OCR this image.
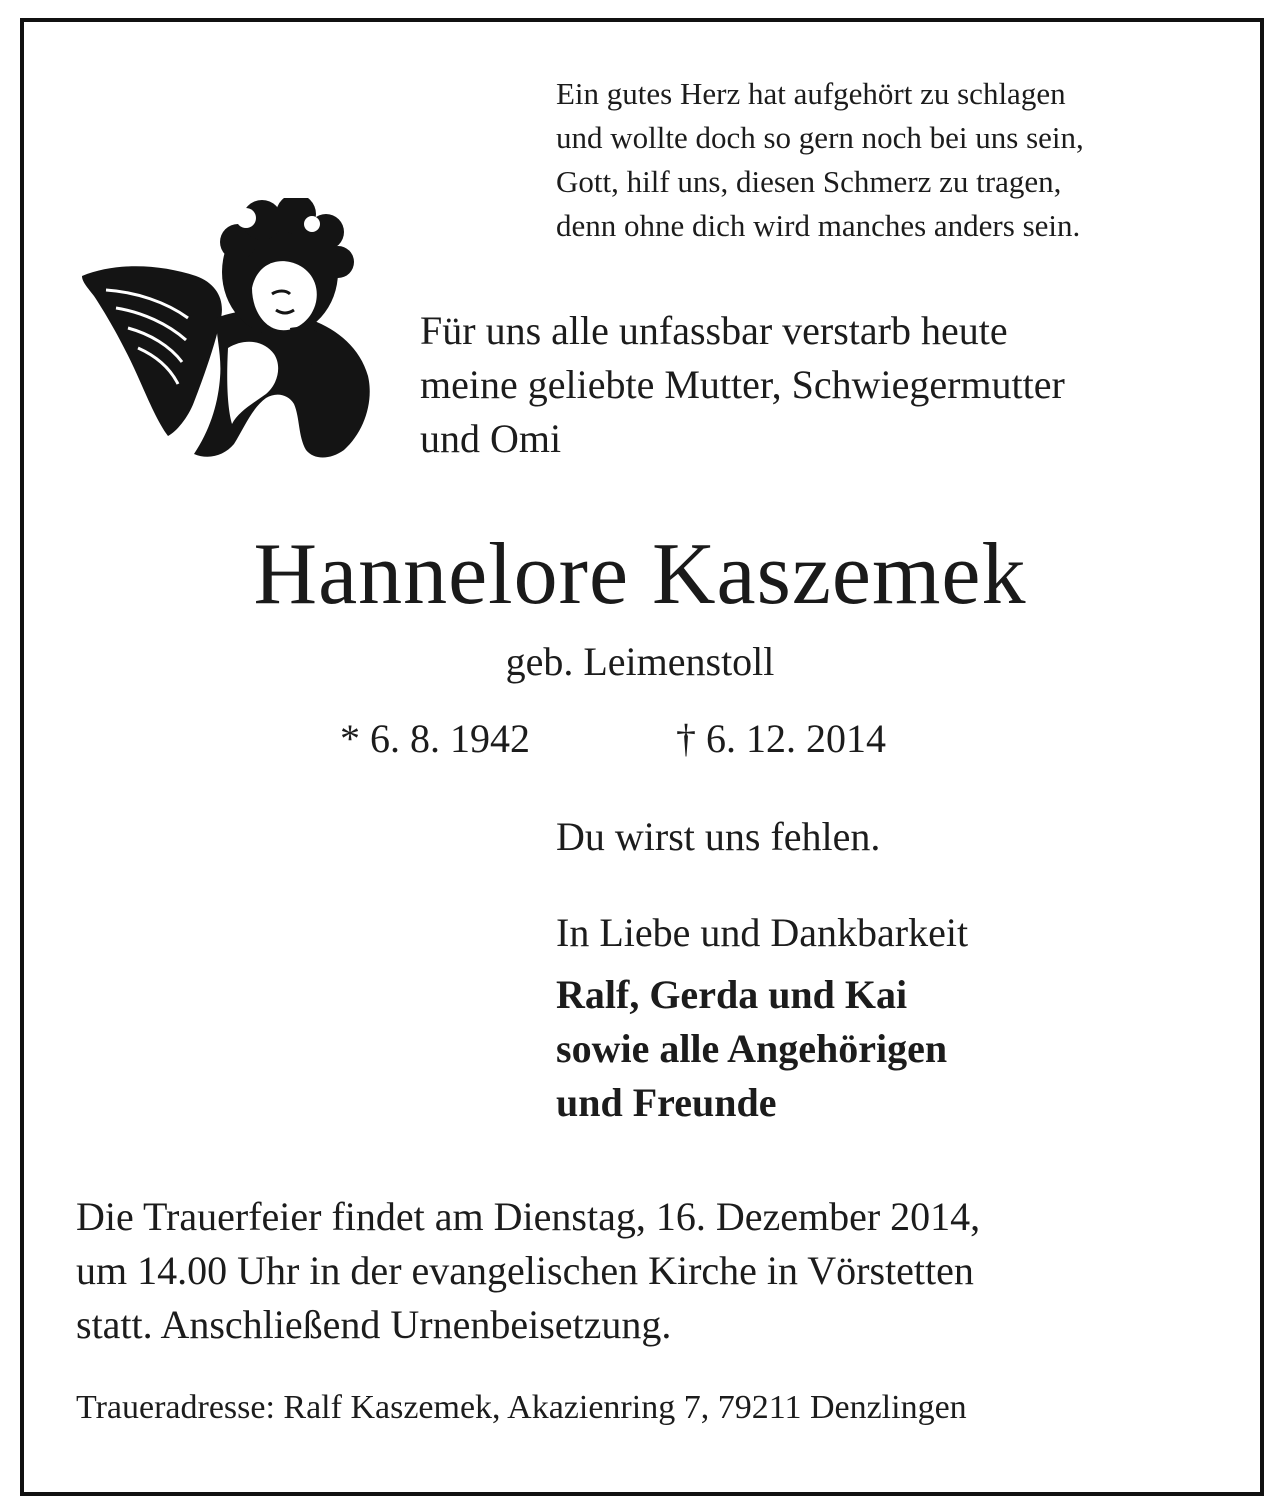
Ein gutes Herz hat aufgehört zu schlagen
und wollte doch so gern noch bei uns sein,
Gott, hilf uns, diesen Schmerz zu tragen,
denn ohne dich wird manches anders sein.
Für uns alle unfassbar verstarb heute
meine geliebte Mutter, Schwiegermutter
und Omi
Hannelore Kaszemek
geb. Leimenstoll
* 6. 8. 1942	† 6. 12. 2014
Du wirst uns fehlen.
In Liebe und Dankbarkeit
Ralf, Gerda und Kai
sowie alle Angehörigen
und Freunde
Die Trauerfeier findet am Dienstag, 16. Dezember 2014,
um 14.00 Uhr in der evangelischen Kirche in Vörstetten
statt. Anschließend Urnenbeisetzung.
Traueradresse: Ralf Kaszemek, Akazienring 7, 79211 Denzlingen
